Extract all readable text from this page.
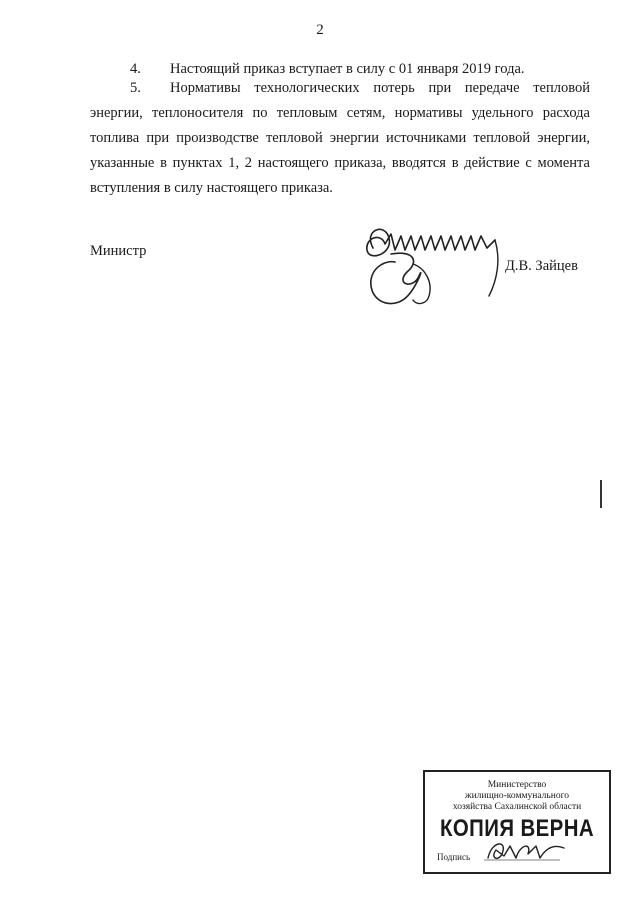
2
4. Настоящий приказ вступает в силу с 01 января 2019 года.
5. Нормативы технологических потерь при передаче тепловой энергии, теплоносителя по тепловым сетям, нормативы удельного расхода топлива при производстве тепловой энергии источниками тепловой энергии, указанные в пунктах 1, 2 настоящего приказа, вводятся в действие с момента вступления в силу настоящего приказа.
Министр
Д.В. Зайцев
Министерство
жилищно-коммунального
хозяйства Сахалинской области
КОПИЯ ВЕРНА
Подпись
